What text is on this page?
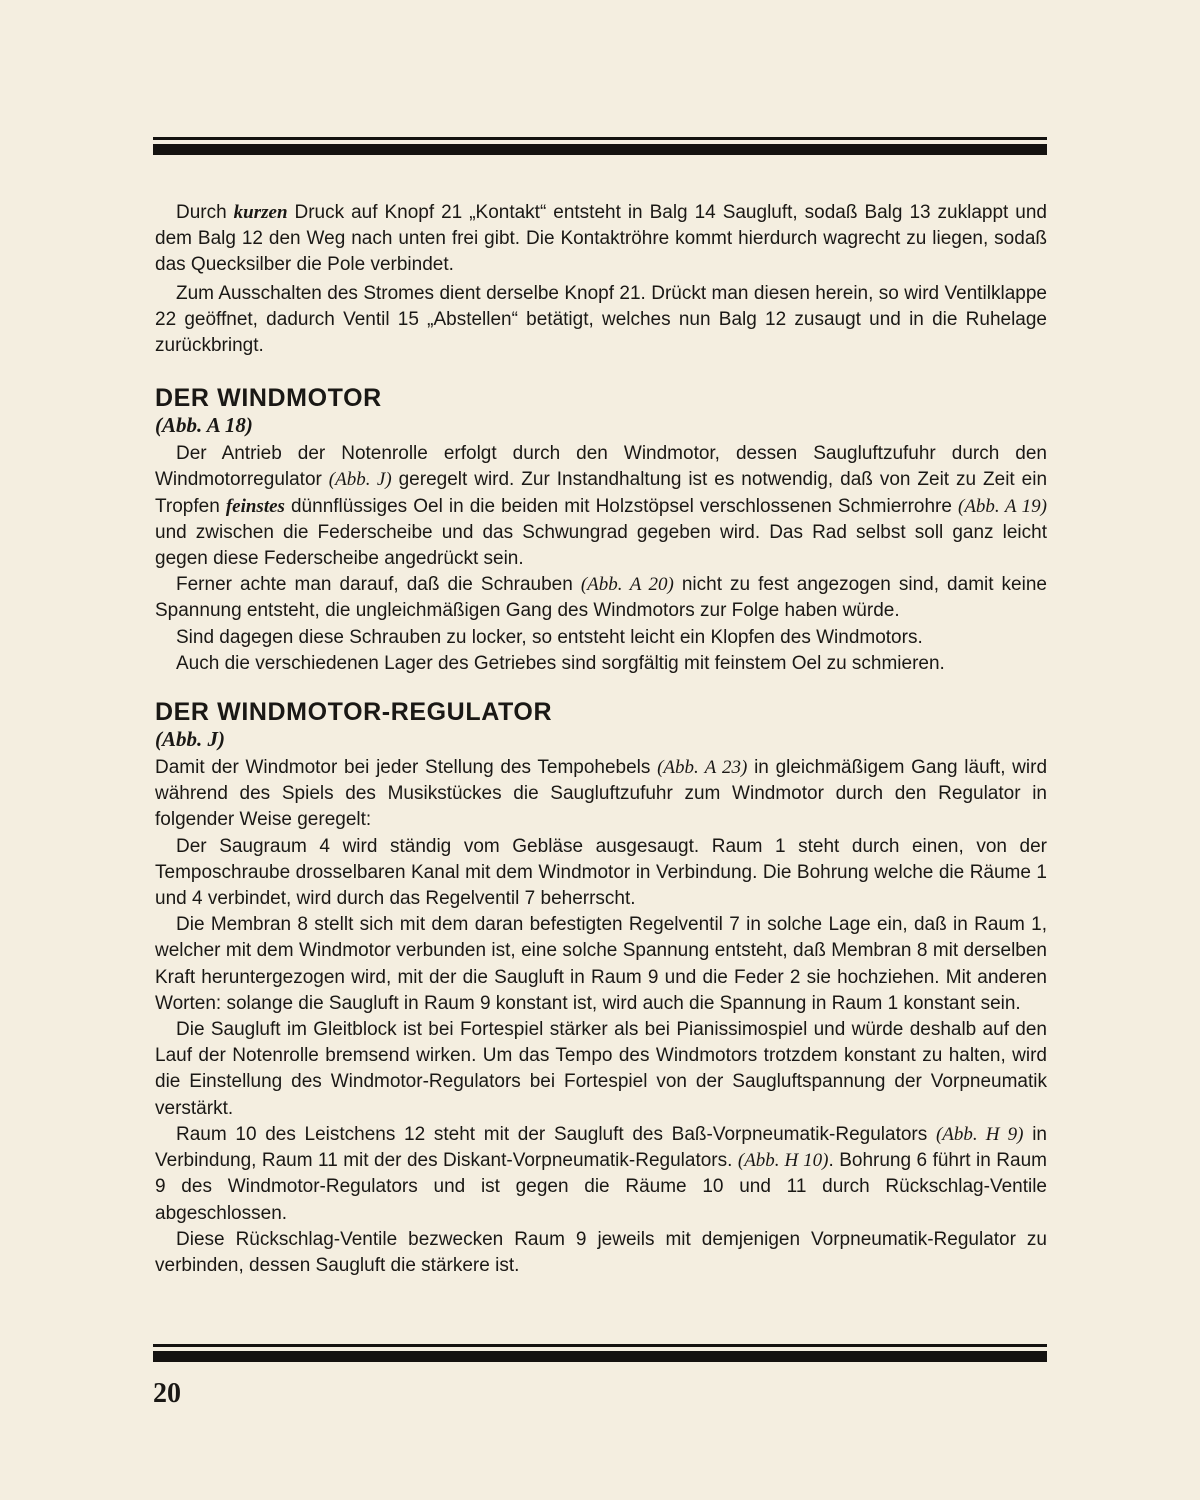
Durch kurzen Druck auf Knopf 21 „Kontakt“ entsteht in Balg 14 Saugluft, sodaß Balg 13 zuklappt und dem Balg 12 den Weg nach unten frei gibt. Die Kontaktröhre kommt hierdurch wagrecht zu liegen, sodaß das Quecksilber die Pole verbindet.

Zum Ausschalten des Stromes dient derselbe Knopf 21. Drückt man diesen herein, so wird Ventilklappe 22 geöffnet, dadurch Ventil 15 „Abstellen“ betätigt, welches nun Balg 12 zusaugt und in die Ruhelage zurückbringt.

DER WINDMOTOR
(Abb. A 18)

Der Antrieb der Notenrolle erfolgt durch den Windmotor, dessen Saugluftzufuhr durch den Windmotorregulator (Abb. J) geregelt wird. Zur Instandhaltung ist es notwendig, daß von Zeit zu Zeit ein Tropfen feinstes dünnflüssiges Oel in die beiden mit Holzstöpsel verschlossenen Schmierrohre (Abb. A 19) und zwischen die Federscheibe und das Schwungrad gegeben wird. Das Rad selbst soll ganz leicht gegen diese Federscheibe angedrückt sein.

Ferner achte man darauf, daß die Schrauben (Abb. A 20) nicht zu fest angezogen sind, damit keine Spannung entsteht, die ungleichmäßigen Gang des Windmotors zur Folge haben würde.

Sind dagegen diese Schrauben zu locker, so entsteht leicht ein Klopfen des Windmotors.

Auch die verschiedenen Lager des Getriebes sind sorgfältig mit feinstem Oel zu schmieren.

DER WINDMOTOR-REGULATOR
(Abb. J)

Damit der Windmotor bei jeder Stellung des Tempohebels (Abb. A 23) in gleichmäßigem Gang läuft, wird während des Spiels des Musikstückes die Saugluftzufuhr zum Windmotor durch den Regulator in folgender Weise geregelt:

Der Saugraum 4 wird ständig vom Gebläse ausgesaugt. Raum 1 steht durch einen, von der Temposchraube drosselbaren Kanal mit dem Windmotor in Verbindung. Die Bohrung welche die Räume 1 und 4 verbindet, wird durch das Regelventil 7 beherrscht.

Die Membran 8 stellt sich mit dem daran befestigten Regelventil 7 in solche Lage ein, daß in Raum 1, welcher mit dem Windmotor verbunden ist, eine solche Spannung entsteht, daß Membran 8 mit derselben Kraft heruntergezogen wird, mit der die Saugluft in Raum 9 und die Feder 2 sie hochziehen. Mit anderen Worten: solange die Saugluft in Raum 9 konstant ist, wird auch die Spannung in Raum 1 konstant sein.

Die Saugluft im Gleitblock ist bei Fortespiel stärker als bei Pianissimospiel und würde deshalb auf den Lauf der Notenrolle bremsend wirken. Um das Tempo des Windmotors trotzdem konstant zu halten, wird die Einstellung des Windmotor-Regulators bei Fortespiel von der Saugluftspannung der Vorpneumatik verstärkt.

Raum 10 des Leistchens 12 steht mit der Saugluft des Baß-Vorpneumatik-Regulators (Abb. H 9) in Verbindung, Raum 11 mit der des Diskant-Vorpneumatik-Regulators. (Abb. H 10). Bohrung 6 führt in Raum 9 des Windmotor-Regulators und ist gegen die Räume 10 und 11 durch Rückschlag-Ventile abgeschlossen.

Diese Rückschlag-Ventile bezwecken Raum 9 jeweils mit demjenigen Vorpneumatik-Regulator zu verbinden, dessen Saugluft die stärkere ist.

20
